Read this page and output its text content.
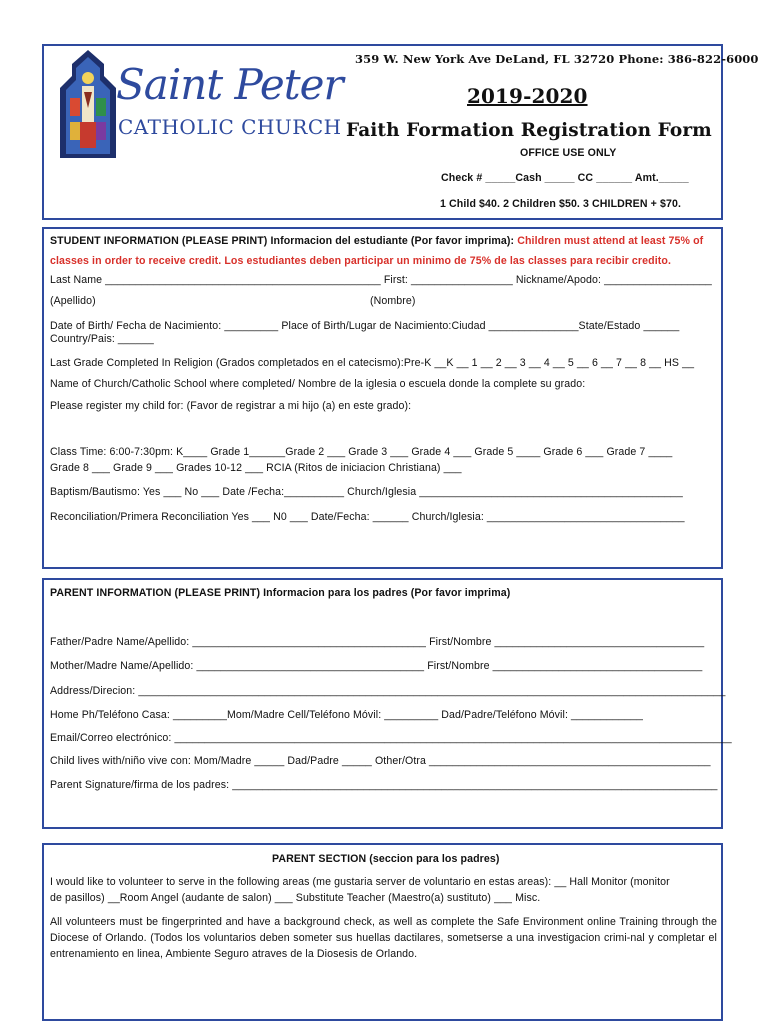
Saint Peter
CATHOLIC CHURCH
359 W. New York Ave DeLand, FL 32720 Phone: 386-822-6000
2019-2020
Faith Formation Registration Form
OFFICE USE ONLY
Check # _____Cash _____ CC ______ Amt._____
1 Child $40. 2 Children $50. 3 CHILDREN + $70.
STUDENT INFORMATION (PLEASE PRINT) Informacion del estudiante (Por favor imprima): Children must attend at least 75% of
classes in order to receive credit. Los estudiantes deben participar un minimo de 75% de las classes para recibir credito.
Last Name ______________________________________________ First: _________________ Nickname/Apodo: __________________
(Apellido)	(Nombre)
Date of Birth/ Fecha de Nacimiento: _________ Place of Birth/Lugar de Nacimiento:Ciudad _______________State/Estado ______
Country/Pais: ______
Last Grade Completed In Religion (Grados completados en el catecismo):Pre-K __K __ 1 __ 2 __ 3 __ 4 __ 5 __ 6 __ 7 __ 8 __ HS __
Name of Church/Catholic School where completed/ Nombre de la iglesia o escuela donde la complete su grado:
Please register my child for: (Favor de registrar a mi hijo (a) en este grado):
Class Time: 6:00-7:30pm: K____ Grade 1______Grade 2 ___ Grade 3 ___ Grade 4 ___ Grade 5 ____ Grade 6 ___ Grade 7 ____
Grade 8 ___ Grade 9 ___ Grades 10-12 ___ RCIA (Ritos de iniciacion Christiana) ___
Baptism/Bautismo: Yes ___ No ___ Date /Fecha:__________ Church/Iglesia ____________________________________________
Reconciliation/Primera Reconciliation Yes ___ N0 ___ Date/Fecha: ______ Church/Iglesia: _________________________________
PARENT INFORMATION (PLEASE PRINT) Informacion para los padres (Por favor imprima)
Father/Padre Name/Apellido: _______________________________________ First/Nombre ___________________________________
Mother/Madre Name/Apellido: ______________________________________ First/Nombre ___________________________________
Address/Direcion: __________________________________________________________________________________________________
Home Ph/Teléfono Casa: _________Mom/Madre Cell/Teléfono Móvil: _________ Dad/Padre/Teléfono Móvil: ____________
Email/Correo electrónico: _____________________________________________________________________________________________
Child lives with/niño vive con: Mom/Madre _____ Dad/Padre _____ Other/Otra _______________________________________________
Parent Signature/firma de los padres: _________________________________________________________________________________
PARENT SECTION (seccion para los padres)
I would like to volunteer to serve in the following areas (me gustaria server de voluntario en estas areas): __ Hall Monitor (monitor
de pasillos) __Room Angel (audante de salon) ___ Substitute Teacher (Maestro(a) sustituto) ___ Misc.
All volunteers must be fingerprinted and have a background check, as well as complete the Safe Environment online Training through the Diocese of Orlando. (Todos los voluntarios deben someter sus huellas dactilares, sometserse a una investigacion crimi-nal y completar el entrenamiento en linea, Ambiente Seguro atraves de la Diosesis de Orlando.
